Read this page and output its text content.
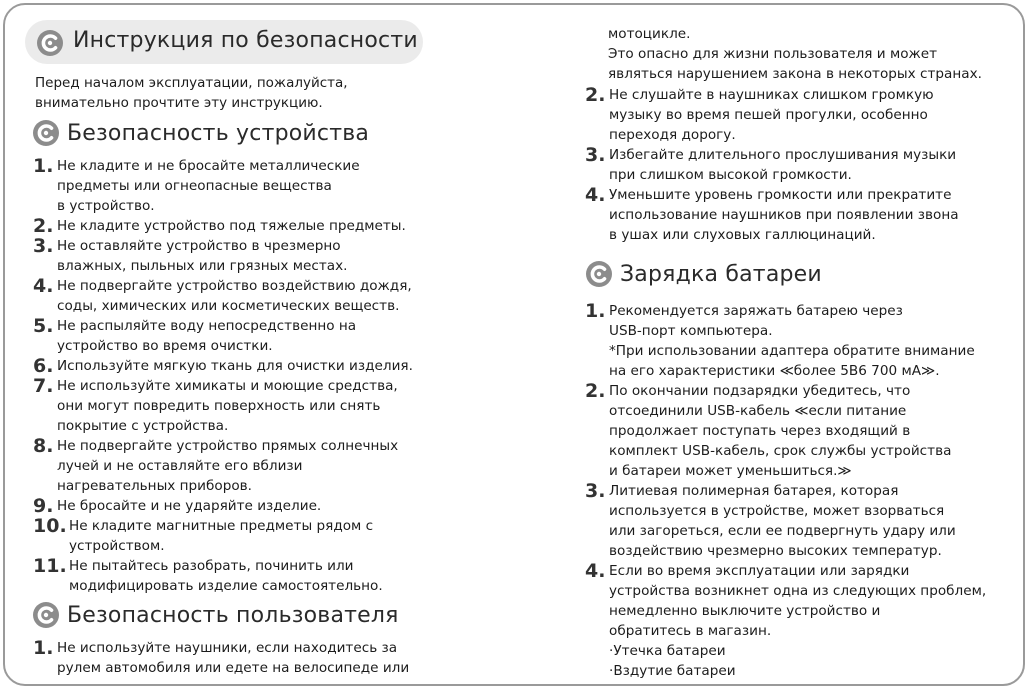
Инструкция по безопасности
Перед началом эксплуатации, пожалуйста,
внимательно прочтите эту инструкцию.
Безопасность устройства
1. Не кладите и не бросайте металлические
предметы или огнеопасные вещества
в устройство.
2. Не кладите устройство под тяжелые предметы.
3. Не оставляйте устройство в чрезмерно
влажных, пыльных или грязных местах.
4. Не подвергайте устройство воздействию дождя,
соды, химических или косметических веществ.
5. Не распыляйте воду непосредственно на
устройство во время очистки.
6. Используйте мягкую ткань для очистки изделия.
7. Не используйте химикаты и моющие средства,
они могут повредить поверхность или снять
покрытие с устройства.
8. Не подвергайте устройство прямых солнечных
лучей и не оставляйте его вблизи
нагревательных приборов.
9. Не бросайте и не ударяйте изделие.
10. Не кладите магнитные предметы рядом с
устройством.
11. Не пытайтесь разобрать, починить или
модифицировать изделие самостоятельно.
Безопасность пользователя
1. Не используйте наушники, если находитесь за
рулем автомобиля или едете на велосипеде или
мотоцикле.
Это опасно для жизни пользователя и может
являться нарушением закона в некоторых странах.
2. Не слушайте в наушниках слишком громкую
музыку во время пешей прогулки, особенно
переходя дорогу.
3. Избегайте длительного прослушивания музыки
при слишком высокой громкости.
4. Уменьшите уровень громкости или прекратите
использование наушников при появлении звона
в ушах или слуховых галлюцинаций.
Зарядка батареи
1. Рекомендуется заряжать батарею через
USB-порт компьютера.
*При использовании адаптера обратите внимание
на его характеристики ≪более 5В6 700 мА≫.
2. По окончании подзарядки убедитесь, что
отсоединили USB-кабель ≪если питание
продолжает поступать через входящий в
комплект USB-кабель, срок службы устройства
и батареи может уменьшиться.≫
3. Литиевая полимерная батарея, которая
используется в устройстве, может взорваться
или загореться, если ее подвергнуть удару или
воздействию чрезмерно высоких температур.
4. Если во время эксплуатации или зарядки
устройства возникнет одна из следующих проблем,
немедленно выключите устройство и
обратитесь в магазин.
·Утечка батареи
·Вздутие батареи
